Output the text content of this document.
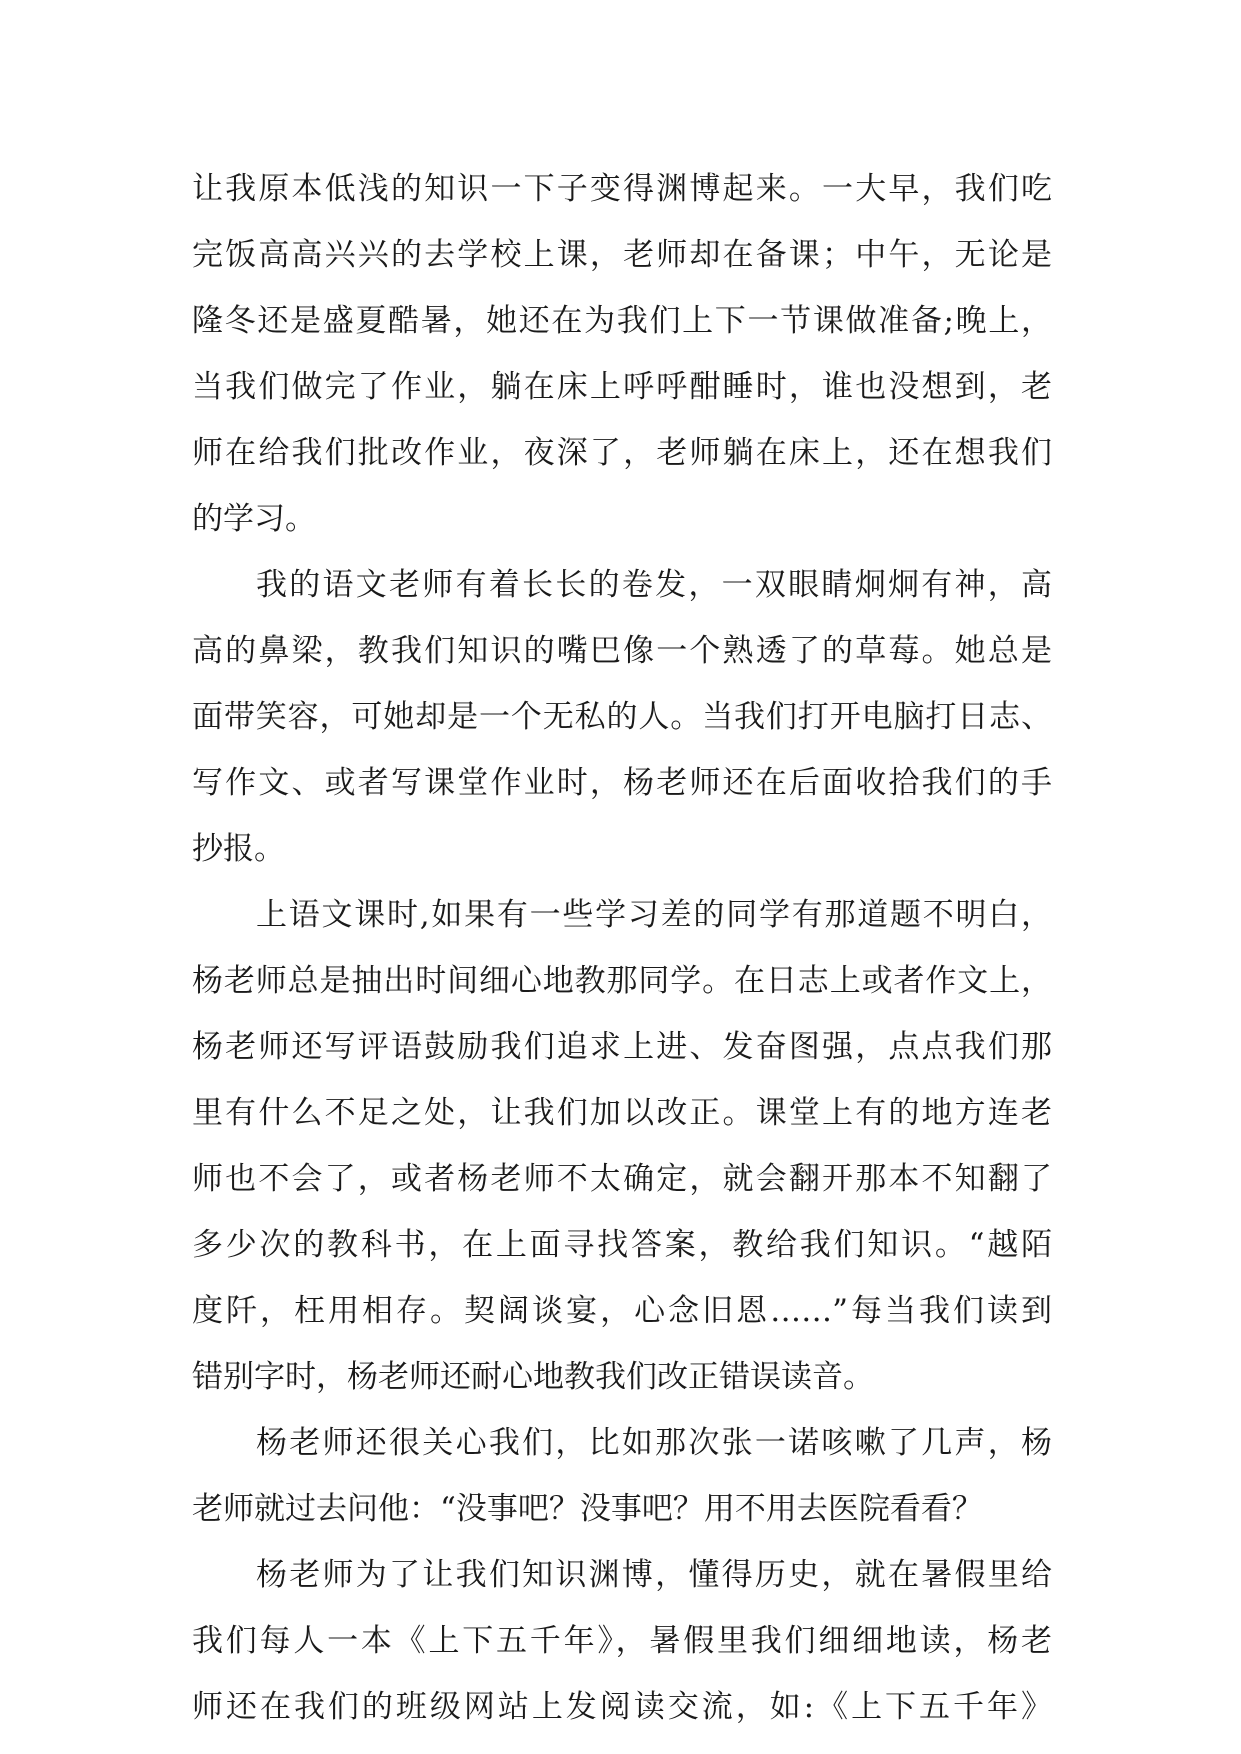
让我原本低浅的知识一下子变得渊博起来。一大早，我们吃
完饭高高兴兴的去学校上课，老师却在备课；中午，无论是
隆冬还是盛夏酷暑，她还在为我们上下一节课做准备;晚上，
当我们做完了作业，躺在床上呼呼酣睡时，谁也没想到，老
师在给我们批改作业，夜深了，老师躺在床上，还在想我们
的学习。
我的语文老师有着长长的卷发，一双眼睛炯炯有神，高
高的鼻梁，教我们知识的嘴巴像一个熟透了的草莓。她总是
面带笑容，可她却是一个无私的人。当我们打开电脑打日志、
写作文、或者写课堂作业时，杨老师还在后面收拾我们的手
抄报。
上语文课时,如果有一些学习差的同学有那道题不明白，
杨老师总是抽出时间细心地教那同学。在日志上或者作文上，
杨老师还写评语鼓励我们追求上进、发奋图强，点点我们那
里有什么不足之处，让我们加以改正。课堂上有的地方连老
师也不会了，或者杨老师不太确定，就会翻开那本不知翻了
多少次的教科书，在上面寻找答案，教给我们知识。“越陌
度阡，枉用相存。契阔谈宴，心念旧恩……”每当我们读到
错别字时，杨老师还耐心地教我们改正错误读音。
杨老师还很关心我们，比如那次张一诺咳嗽了几声，杨
老师就过去问他：“没事吧？没事吧？用不用去医院看看？
杨老师为了让我们知识渊博，懂得历史，就在暑假里给
我们每人一本《上下五千年》，暑假里我们细细地读，杨老
师还在我们的班级网站上发阅读交流，如:《上下五千年》
